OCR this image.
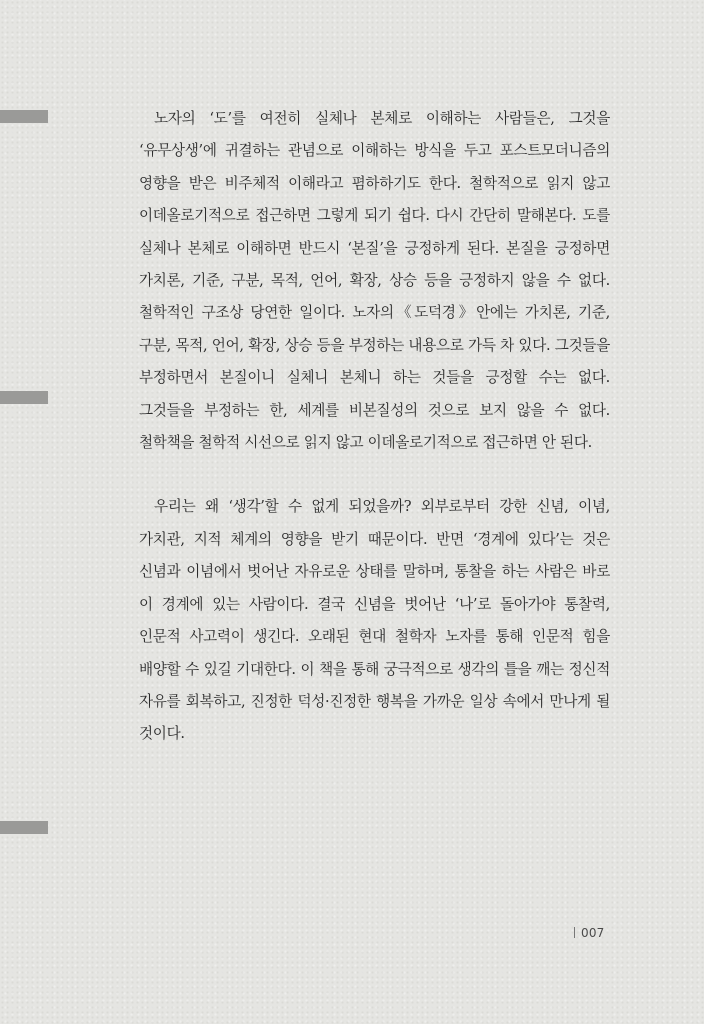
노자의 ‘도’를 여전히 실체나 본체로 이해하는 사람들은, 그것을 ‘유무상생’에 귀결하는 관념으로 이해하는 방식을 두고 포스트모더니즘의 영향을 받은 비주체적 이해라고 폄하하기도 한다. 철학적으로 읽지 않고 이데올로기적으로 접근하면 그렇게 되기 쉽다. 다시 간단히 말해본다. 도를 실체나 본체로 이해하면 반드시 ‘본질’을 긍정하게 된다. 본질을 긍정하면 가치론, 기준, 구분, 목적, 언어, 확장, 상승 등을 긍정하지 않을 수 없다. 철학적인 구조상 당연한 일이다. 노자의《도덕경》안에는 가치론, 기준, 구분, 목적, 언어, 확장, 상승 등을 부정하는 내용으로 가득 차 있다. 그것들을 부정하면서 본질이니 실체니 본체니 하는 것들을 긍정할 수는 없다. 그것들을 부정하는 한, 세계를 비본질성의 것으로 보지 않을 수 없다. 철학책을 철학적 시선으로 읽지 않고 이데올로기적으로 접근하면 안 된다.

우리는 왜 ‘생각’할 수 없게 되었을까? 외부로부터 강한 신념, 이념, 가치관, 지적 체계의 영향을 받기 때문이다. 반면 ‘경계에 있다’는 것은 신념과 이념에서 벗어난 자유로운 상태를 말하며, 통찰을 하는 사람은 바로 이 경계에 있는 사람이다. 결국 신념을 벗어난 ‘나’로 돌아가야 통찰력, 인문적 사고력이 생긴다. 오래된 현대 철학자 노자를 통해 인문적 힘을 배양할 수 있길 기대한다. 이 책을 통해 궁극적으로 생각의 틀을 깨는 정신적 자유를 회복하고, 진정한 덕성·진정한 행복을 가까운 일상 속에서 만나게 될 것이다.

007
